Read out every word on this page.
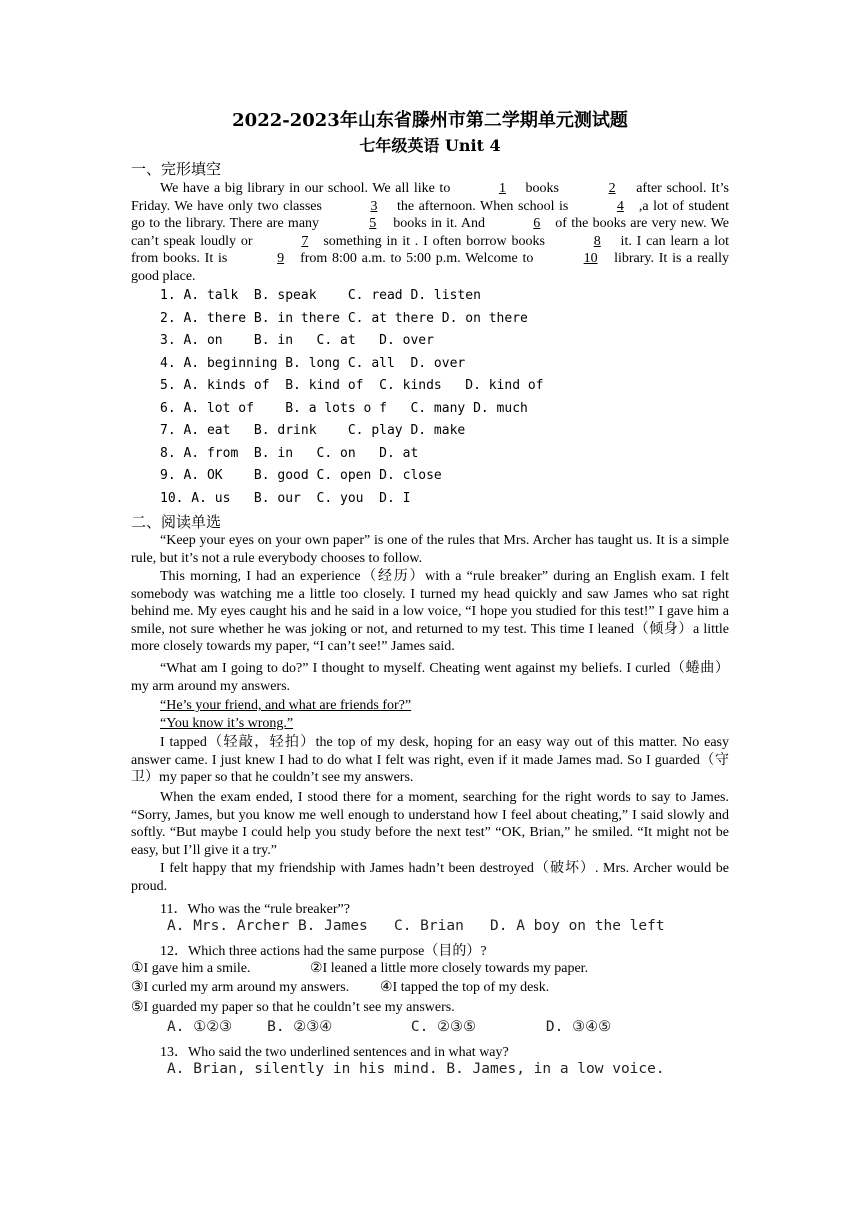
2022-2023年山东省滕州市第二学期单元测试题
七年级英语 Unit 4
一、完形填空
We have a big library in our school. We all like to	1 books	2 after school. It’s Friday. We have only two classes	3 the afternoon. When school is	4 ,a lot of student go to the library. There are many	5 books in it. And	6 of the books are very new. We can’t speak loudly or	7 something in it . I often borrow books	8 it. I can learn a lot from books. It is	9 from 8:00 a.m. to 5:00 p.m. Welcome to	10 library. It is a really good place.
1. A. talk  B. speak    C. read D. listen
2. A. there B. in there C. at there D. on there
3. A. on    B. in   C. at   D. over
4. A. beginning B. long C. all  D. over
5. A. kinds of  B. kind of  C. kinds   D. kind of
6. A. lot of    B. a lots o f   C. many D. much
7. A. eat   B. drink    C. play D. make
8. A. from  B. in   C. on   D. at
9. A. OK    B. good C. open D. close
10. A. us   B. our  C. you  D. I
二、阅读单选
“Keep your eyes on your own paper” is one of the rules that Mrs. Archer has taught us. It is a simple rule, but it’s not a rule everybody chooses to follow.
This morning, I had an experience（经历）with a “rule breaker” during an English exam. I felt somebody was watching me a little too closely. I turned my head quickly and saw James who sat right behind me. My eyes caught his and he said in a low voice, “I hope you studied for this test!” I gave him a smile, not sure whether he was joking or not, and returned to my test. This time I leaned（倾身）a little more closely towards my paper, “I can’t see!” James said.
“What am I going to do?” I thought to myself. Cheating went against my beliefs. I curled（蜷曲）my arm around my answers.
“He’s your friend, and what are friends for?”
“You know it’s wrong.”
I tapped（轻敲，轻拍）the top of my desk, hoping for an easy way out of this matter. No easy answer came. I just knew I had to do what I felt was right, even if it made James mad. So I guarded（守卫）my paper so that he couldn’t see my answers.
When the exam ended, I stood there for a moment, searching for the right words to say to James. “Sorry, James, but you know me well enough to understand how I feel about cheating,” I said slowly and softly. “But maybe I could help you study before the next test” “OK, Brian,” he smiled. “It might not be easy, but I’ll give it a try.”
I felt happy that my friendship with James hadn’t been destroyed（破坏）. Mrs. Archer would be proud.
11．Who was the “rule breaker”?
A. Mrs. Archer B. James   C. Brian   D. A boy on the left
12．Which three actions had the same purpose（目的）?
①I gave him a smile.	②I leaned a little more closely towards my paper.
③I curled my arm around my answers. ④I tapped the top of my desk.
⑤I guarded my paper so that he couldn’t see my answers.
A. ①②③    B. ②③④         C. ②③⑤        D. ③④⑤
13．Who said the two underlined sentences and in what way?
A. Brian, silently in his mind. B. James, in a low voice.
